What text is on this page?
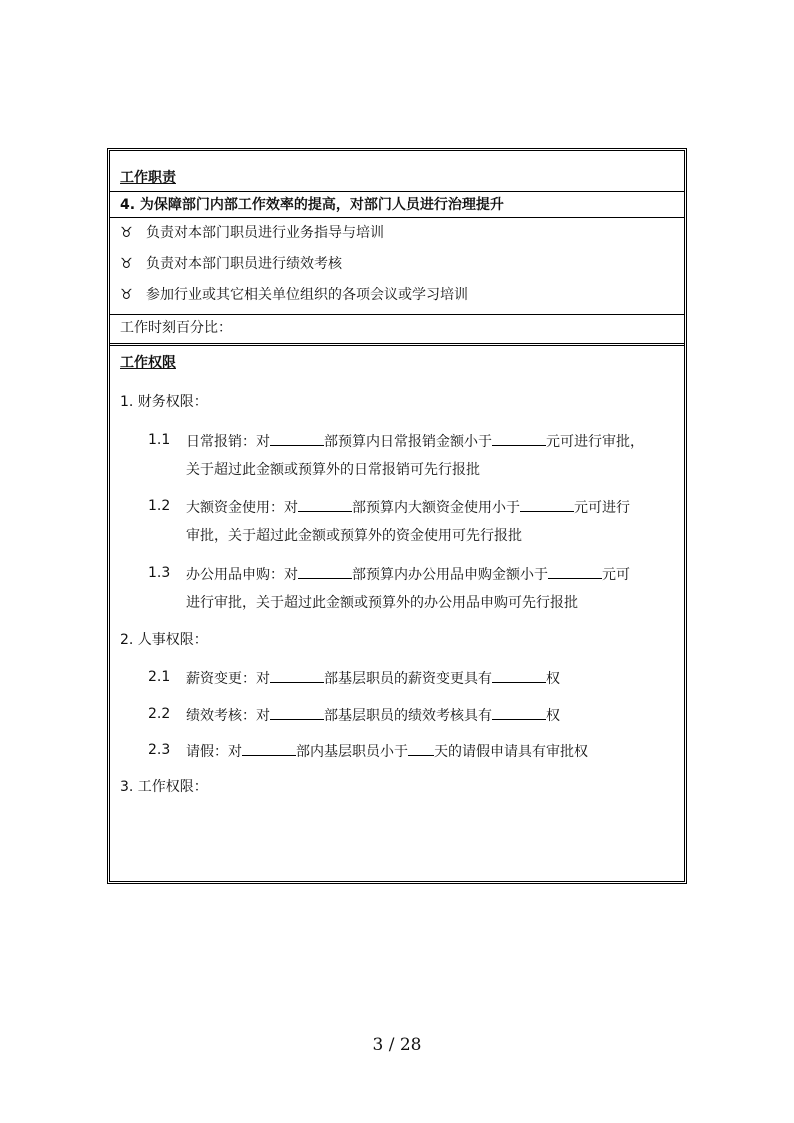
工作职责
4. 为保障部门内部工作效率的提高，对部门人员进行治理提升
♉ 负责对本部门职员进行业务指导与培训
♉ 负责对本部门职员进行绩效考核
♉ 参加行业或其它相关单位组织的各项会议或学习培训
工作时刻百分比：
工作权限
1. 财务权限：
1.1 日常报销：对	部预算内日常报销金额小于	元可进行审批，
关于超过此金额或预算外的日常报销可先行报批
1.2 大额资金使用：对	部预算内大额资金使用小于	元可进行
审批，关于超过此金额或预算外的资金使用可先行报批
1.3 办公用品申购：对	部预算内办公用品申购金额小于	元可
进行审批，关于超过此金额或预算外的办公用品申购可先行报批
2. 人事权限：
2.1 薪资变更：对	部基层职员的薪资变更具有	权
2.2 绩效考核：对	部基层职员的绩效考核具有	权
2.3 请假：对	部内基层职员小于 天的请假申请具有审批权
3. 工作权限：
3 / 28
